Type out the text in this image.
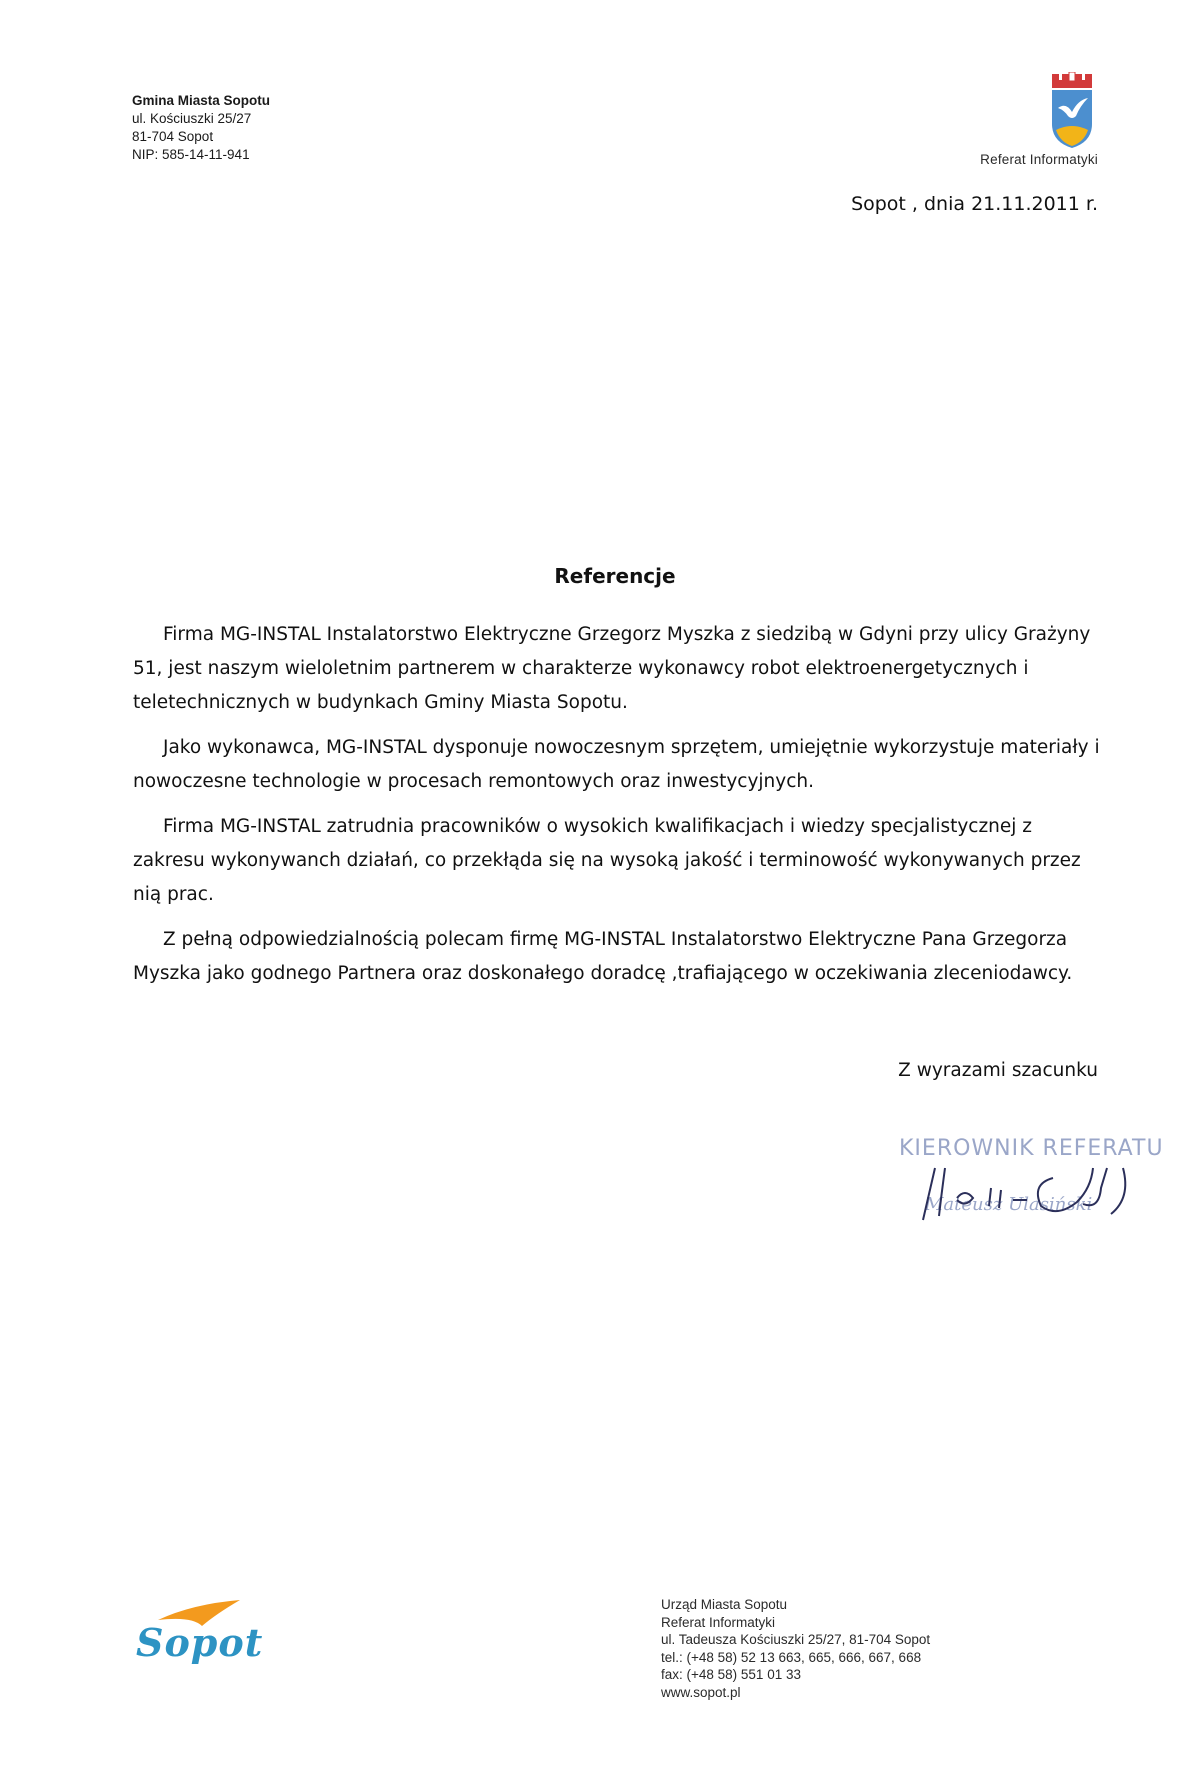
Gmina Miasta Sopotu
ul. Kościuszki 25/27
81-704 Sopot
NIP: 585-14-11-941	Referat Informatyki
Sopot , dnia 21.11.2011 r.
Referencje

Firma MG-INSTAL Instalatorstwo Elektryczne Grzegorz Myszka z siedzibą w Gdyni przy ulicy Grażyny 51, jest naszym wieloletnim partnerem w charakterze wykonawcy robot elektroenergetycznych i teletechnicznych w budynkach Gminy Miasta Sopotu.

Jako wykonawca, MG-INSTAL dysponuje nowoczesnym sprzętem, umiejętnie wykorzystuje materiały i nowoczesne technologie w procesach remontowych oraz inwestycyjnych.

Firma MG-INSTAL zatrudnia pracowników o wysokich kwalifikacjach i wiedzy specjalistycznej z zakresu wykonywanch działań, co przekłąda się na wysoką jakość i terminowość wykonywanych przez nią prac.

Z pełną odpowiedzialnością polecam firmę MG-INSTAL Instalatorstwo Elektryczne Pana Grzegorza Myszka jako godnego Partnera oraz doskonałego doradcę ,trafiającego w oczekiwania zleceniodawcy.

Z wyrazami szacunku
KIEROWNIK REFERATU
Mateusz Ulasiński
Sopot
Urząd Miasta Sopotu
Referat Informatyki
ul. Tadeusza Kościuszki 25/27, 81-704 Sopot
tel.: (+48 58) 52 13 663, 665, 666, 667, 668
fax: (+48 58) 551 01 33
www.sopot.pl
